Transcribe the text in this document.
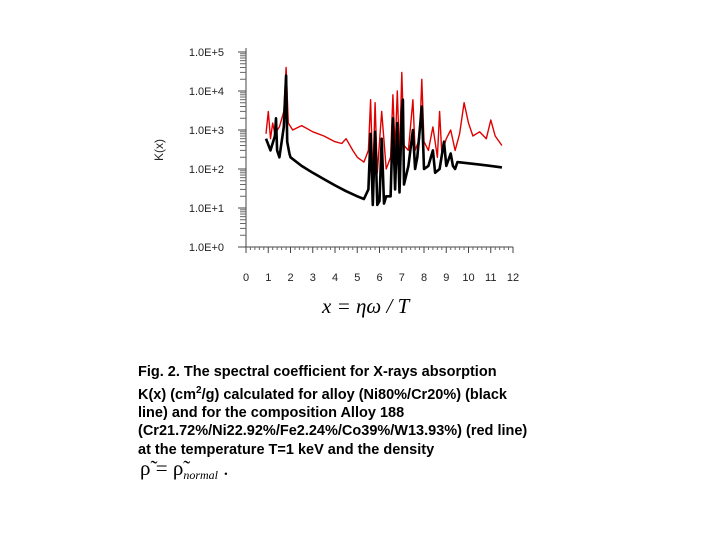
1.0E+0
1.0E+1
1.0E+2
1.0E+3
1.0E+4
1.0E+5
0 1 2 3 4 5 6 7 8 9 10 11 12
K(x)
x = ηω / T

Fig. 2. The spectral coefficient for X-rays absorption

K(x) $(cm^2/g)$ calculated for alloy (Ni80%/Cr20%) (black

line) and for the composition Alloy 188

(Cr21.72%/Ni22.92%/Fe2.24%/Co39%/W13.93%) (red line)

at the temperature T=1 keV and the density

ρ̃ = $\rhõ_{normal}$ .
